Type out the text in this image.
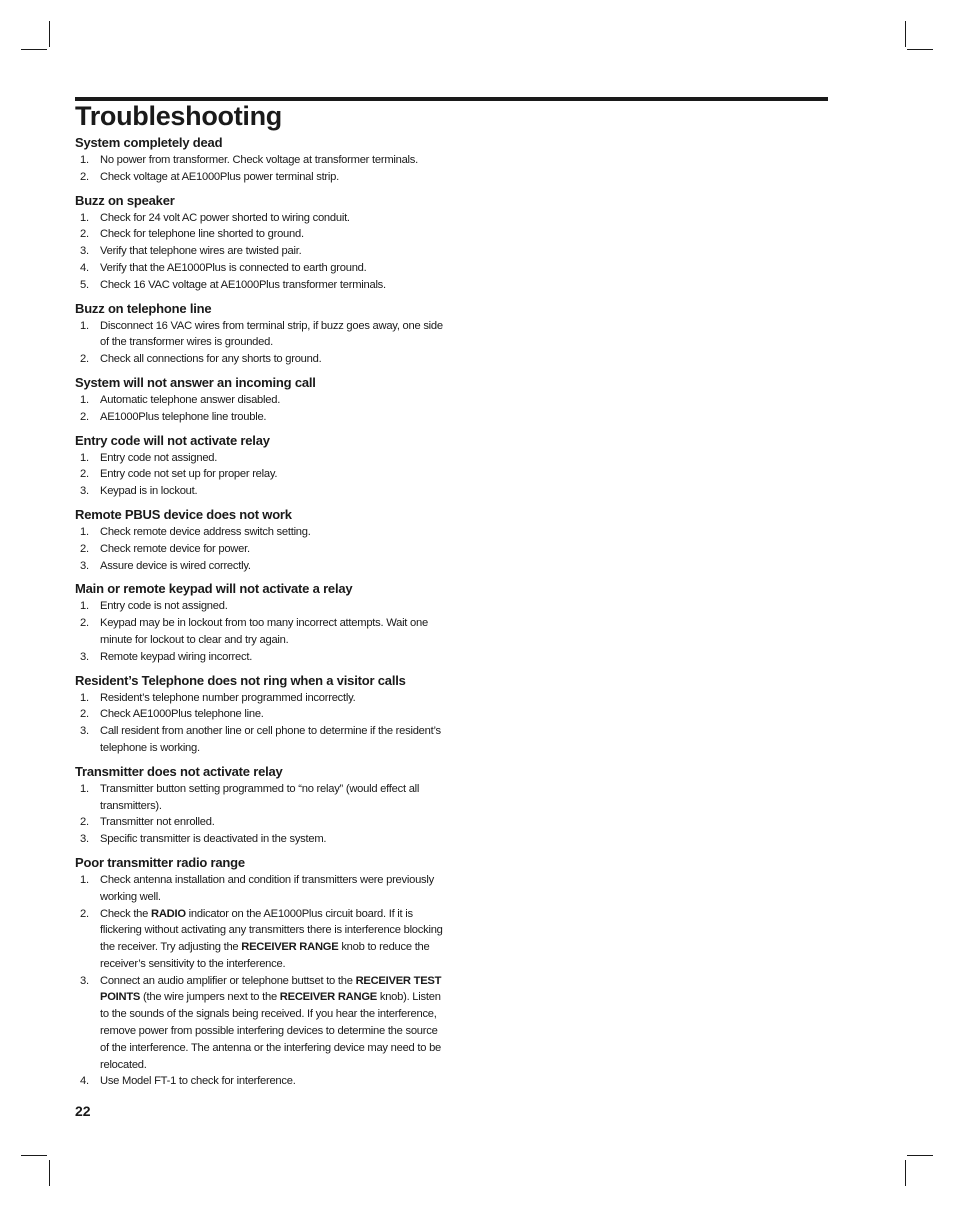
Troubleshooting
System completely dead
1. No power from transformer. Check voltage at transformer terminals.
2. Check voltage at AE1000Plus power terminal strip.
Buzz on speaker
1. Check for 24 volt AC power shorted to wiring conduit.
2. Check for telephone line shorted to ground.
3. Verify that telephone wires are twisted pair.
4. Verify that the AE1000Plus is connected to earth ground.
5. Check 16 VAC voltage at AE1000Plus transformer terminals.
Buzz on telephone line
1. Disconnect 16 VAC wires from terminal strip, if buzz goes away, one side of the transformer wires is grounded.
2. Check all connections for any shorts to ground.
System will not answer an incoming call
1. Automatic telephone answer disabled.
2. AE1000Plus telephone line trouble.
Entry code will not activate relay
1. Entry code not assigned.
2. Entry code not set up for proper relay.
3. Keypad is in lockout.
Remote PBUS device does not work
1. Check remote device address switch setting.
2. Check remote device for power.
3. Assure device is wired correctly.
Main or remote keypad will not activate a relay
1. Entry code is not assigned.
2. Keypad may be in lockout from too many incorrect attempts. Wait one minute for lockout to clear and try again.
3. Remote keypad wiring incorrect.
Resident’s Telephone does not ring when a visitor calls
1. Resident’s telephone number programmed incorrectly.
2. Check AE1000Plus telephone line.
3. Call resident from another line or cell phone to determine if the resident’s telephone is working.
Transmitter does not activate relay
1. Transmitter button setting programmed to “no relay” (would effect all transmitters).
2. Transmitter not enrolled.
3. Specific transmitter is deactivated in the system.
Poor transmitter radio range
1. Check antenna installation and condition if transmitters were previously working well.
2. Check the RADIO indicator on the AE1000Plus circuit board. If it is flickering without activating any transmitters there is interference blocking the receiver. Try adjusting the RECEIVER RANGE knob to reduce the receiver’s sensitivity to the interference.
3. Connect an audio amplifier or telephone buttset to the RECEIVER TEST POINTS (the wire jumpers next to the RECEIVER RANGE knob). Listen to the sounds of the signals being received. If you hear the interference, remove power from possible interfering devices to determine the source of the interference. The antenna or the interfering device may need to be relocated.
4. Use Model FT-1 to check for interference.
22
